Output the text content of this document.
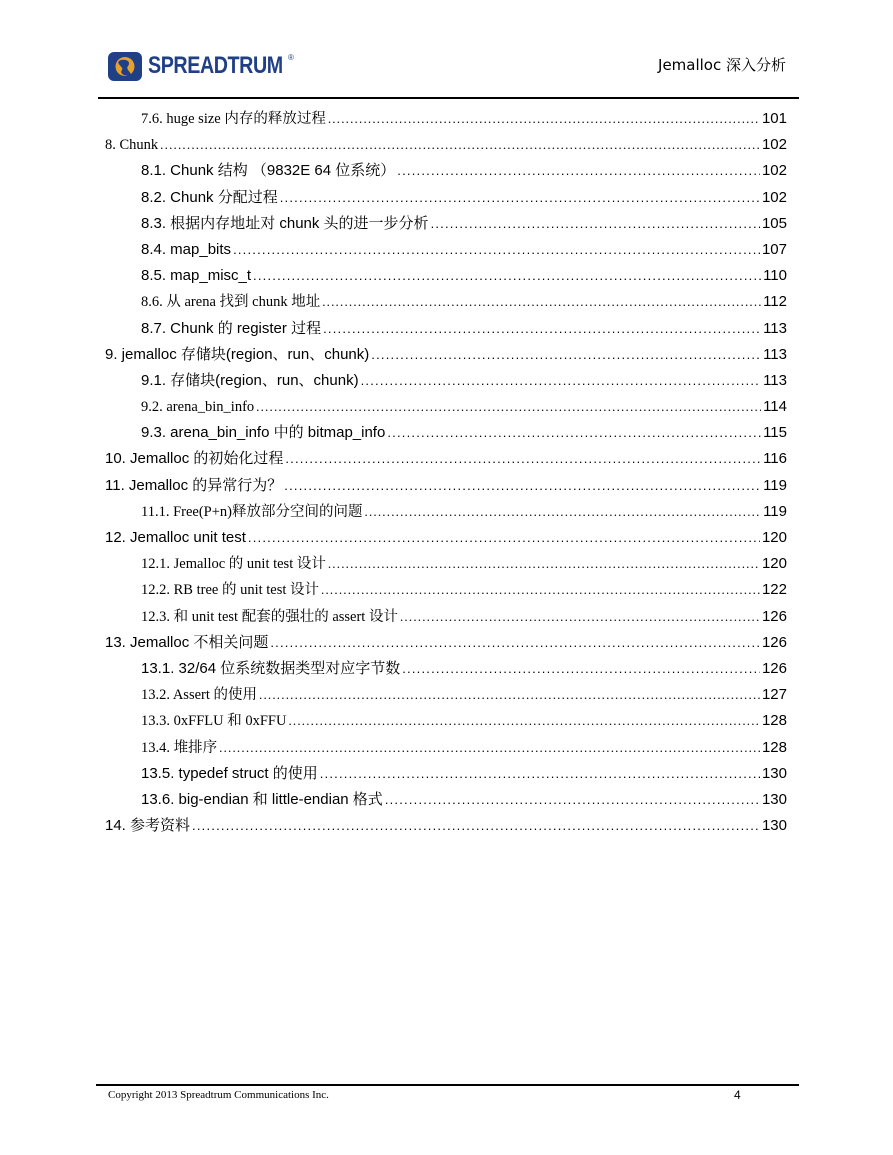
SPREADTRUM ®	Jemalloc 深入分析
7.6. huge size 内存的释放过程 .....	101
8. Chunk .....	102
8.1. Chunk 结构 （9832E 64 位系统） .....	102
8.2. Chunk 分配过程 .....	102
8.3. 根据内存地址对 chunk 头的进一步分析 .....	105
8.4. map_bits .....	107
8.5. map_misc_t .....	110
8.6. 从 arena 找到 chunk 地址 .....	112
8.7. Chunk 的 register 过程 .....	113
9. jemalloc 存储块(region、run、chunk) .....	113
9.1. 存储块(region、run、chunk) .....	113
9.2. arena_bin_info .....	114
9.3. arena_bin_info 中的 bitmap_info .....	115
10. Jemalloc 的初始化过程 .....	116
11. Jemalloc 的异常行为？ .....	119
11.1. Free(P+n)释放部分空间的问题 .....	119
12. Jemalloc unit test .....	120
12.1. Jemalloc 的 unit test 设计 .....	120
12.2. RB tree 的 unit test 设计 .....	122
12.3. 和 unit test 配套的强壮的 assert 设计 .....	126
13. Jemalloc 不相关问题 .....	126
13.1. 32/64 位系统数据类型对应字节数 .....	126
13.2. Assert 的使用 .....	127
13.3. 0xFFLU 和 0xFFU .....	128
13.4. 堆排序 .....	128
13.5. typedef struct 的使用 .....	130
13.6. big-endian 和 little-endian 格式 .....	130
14. 参考资料 .....	130
Copyright 2013 Spreadtrum Communications Inc.	4
